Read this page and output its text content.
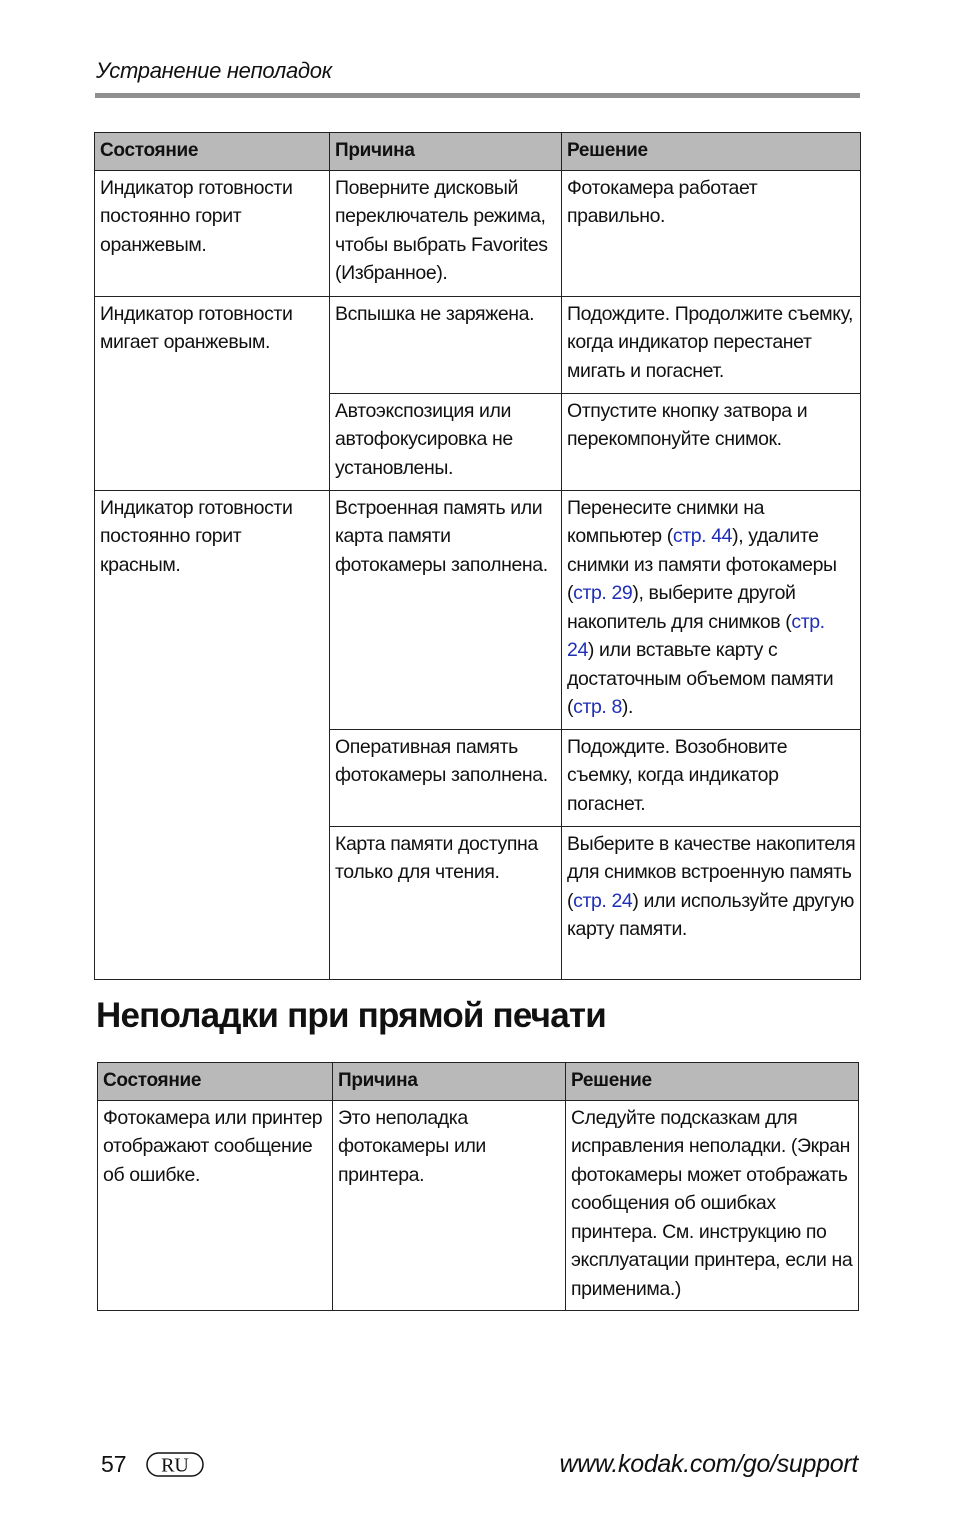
Устранение неполадок
Состояние	Причина	Решение
Индикатор готовности постоянно горит оранжевым.	Поверните дисковый переключатель режима, чтобы выбрать Favorites (Избранное).	Фотокамера работает правильно.
Индикатор готовности мигает оранжевым.	Вспышка не заряжена.	Подождите. Продолжите съемку, когда индикатор перестанет мигать и погаснет.
	Автоэкспозиция или автофокусировка не установлены.	Отпустите кнопку затвора и перекомпонуйте снимок.
Индикатор готовности постоянно горит красным.	Встроенная память или карта памяти фотокамеры заполнена.	Перенесите снимки на компьютер (стр. 44), удалите снимки из памяти фотокамеры (стр. 29), выберите другой накопитель для снимков (стр. 24) или вставьте карту с достаточным объемом памяти (стр. 8).
	Оперативная память фотокамеры заполнена.	Подождите. Возобновите съемку, когда индикатор погаснет.
	Карта памяти доступна только для чтения.	Выберите в качестве накопителя для снимков встроенную память (стр. 24) или используйте другую карту памяти.
Неполадки при прямой печати
Состояние	Причина	Решение
Фотокамера или принтер отображают сообщение об ошибке.	Это неполадка фотокамеры или принтера.	Следуйте подсказкам для исправления неполадки. (Экран фотокамеры может отображать сообщения об ошибках принтера. См. инструкцию по эксплуатации принтера, если на применима.)
57 RU	www.kodak.com/go/support
